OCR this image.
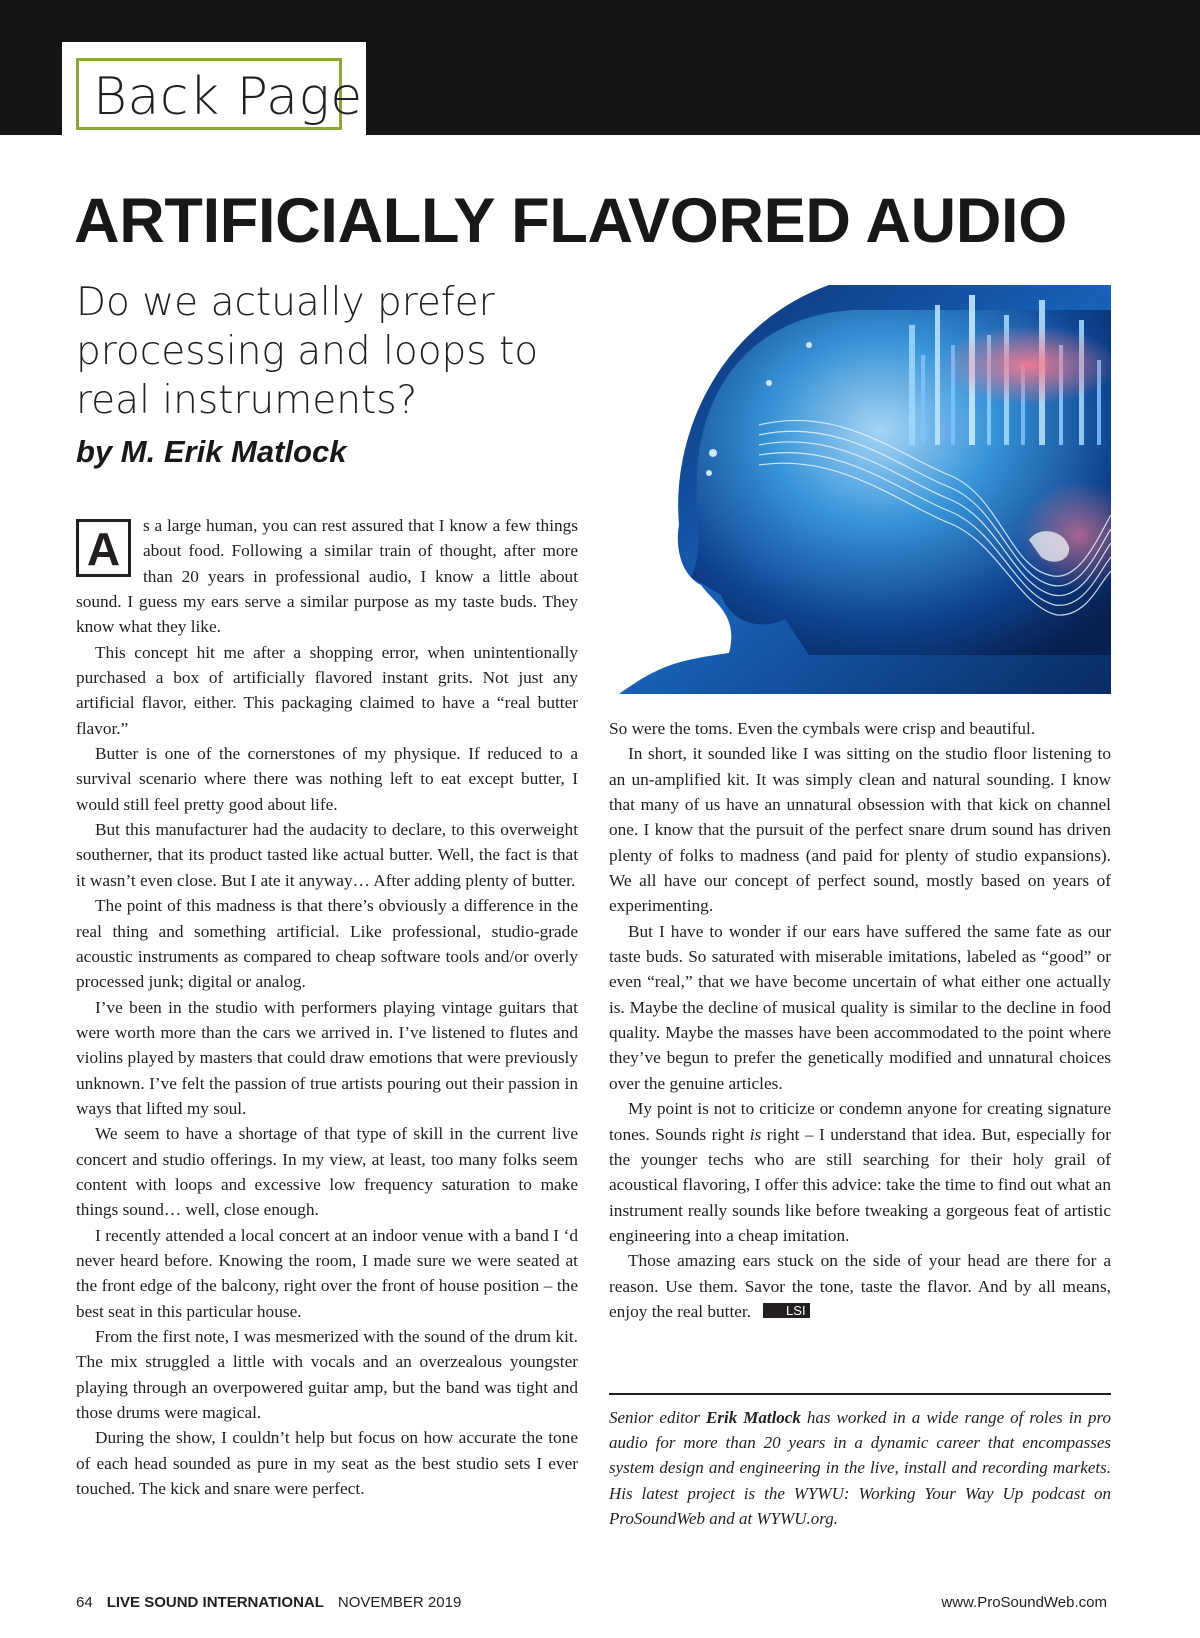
Back Page
ARTIFICIALLY FLAVORED AUDIO
Do we actually prefer processing and loops to real instruments?
by M. Erik Matlock

A	s a large human, you can rest assured that I know a few things about food. Following a similar train of thought, after more than 20 years in professional audio, I know a little about sound. I guess my ears serve a similar purpose as my taste buds. They know what they like.

This concept hit me after a shopping error, when unintentionally purchased a box of artificially flavored instant grits. Not just any artificial flavor, either. This packaging claimed to have a “real butter flavor.”

Butter is one of the cornerstones of my physique. If reduced to a survival scenario where there was nothing left to eat except butter, I would still feel pretty good about life.

But this manufacturer had the audacity to declare, to this overweight southerner, that its product tasted like actual butter. Well, the fact is that it wasn’t even close. But I ate it anyway… After adding plenty of butter.

The point of this madness is that there’s obviously a difference in the real thing and something artificial. Like professional, studio-grade acoustic instruments as compared to cheap software tools and/or overly processed junk; digital or analog.

I’ve been in the studio with performers playing vintage guitars that were worth more than the cars we arrived in. I’ve listened to flutes and violins played by masters that could draw emotions that were previously unknown. I’ve felt the passion of true artists pouring out their passion in ways that lifted my soul.

We seem to have a shortage of that type of skill in the current live concert and studio offerings. In my view, at least, too many folks seem content with loops and excessive low frequency saturation to make things sound… well, close enough.

I recently attended a local concert at an indoor venue with a band I ‘d never heard before. Knowing the room, I made sure we were seated at the front edge of the balcony, right over the front of house position – the best seat in this particular house.

From the first note, I was mesmerized with the sound of the drum kit. The mix struggled a little with vocals and an overzealous youngster playing through an overpowered guitar amp, but the band was tight and those drums were magical.

During the show, I couldn’t help but focus on how accurate the tone of each head sounded as pure in my seat as the best studio sets I ever touched. The kick and snare were perfect.

So were the toms. Even the cymbals were crisp and beautiful.

In short, it sounded like I was sitting on the studio floor listening to an un-amplified kit. It was simply clean and natural sounding. I know that many of us have an unnatural obsession with that kick on channel one. I know that the pursuit of the perfect snare drum sound has driven plenty of folks to madness (and paid for plenty of studio expansions). We all have our concept of perfect sound, mostly based on years of experimenting.

But I have to wonder if our ears have suffered the same fate as our taste buds. So saturated with miserable imitations, labeled as “good” or even “real,” that we have become uncertain of what either one actually is. Maybe the decline of musical quality is similar to the decline in food quality. Maybe the masses have been accommodated to the point where they’ve begun to prefer the genetically modified and unnatural choices over the genuine articles.

My point is not to criticize or condemn anyone for creating signature tones. Sounds right is right – I understand that idea. But, especially for the younger techs who are still searching for their holy grail of acoustical flavoring, I offer this advice: take the time to find out what an instrument really sounds like before tweaking a gorgeous feat of artistic engineering into a cheap imitation.

Those amazing ears stuck on the side of your head are there for a reason. Use them. Savor the tone, taste the flavor. And by all means, enjoy the real butter.	LSI

Senior editor Erik Matlock has worked in a wide range of roles in pro audio for more than 20 years in a dynamic career that encompasses system design and engineering in the live, install and recording markets. His latest project is the WYWU: Working Your Way Up podcast on ProSoundWeb and at WYWU.org.
64 LIVE SOUND INTERNATIONAL NOVEMBER 2019	www.ProSoundWeb.com
